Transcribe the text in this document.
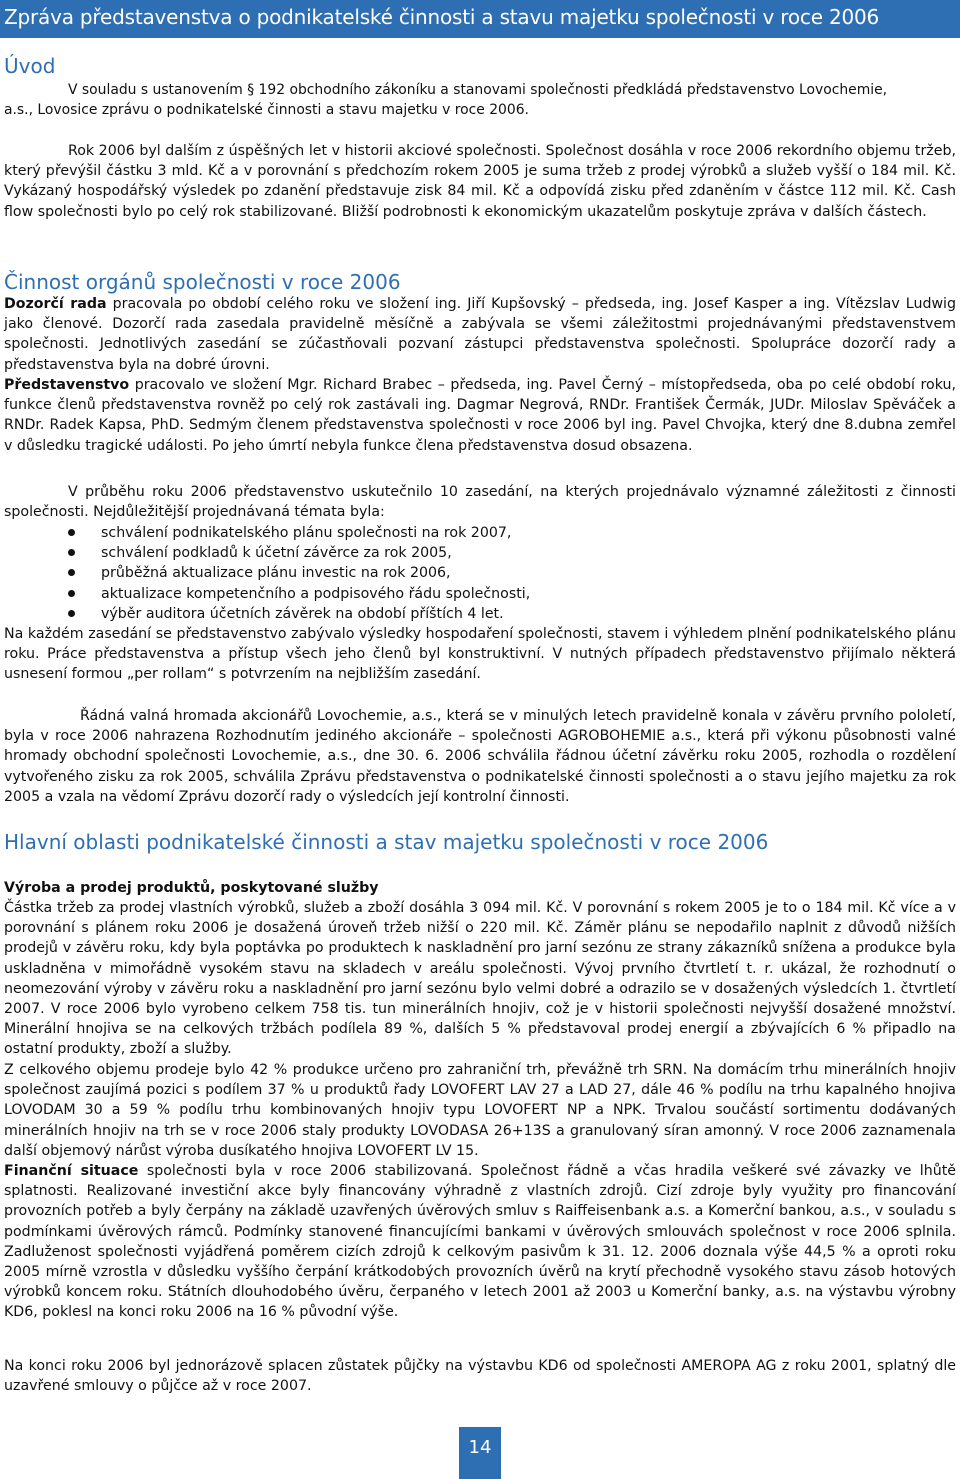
Zpráva představenstva o podnikatelské činnosti a stavu majetku společnosti v roce 2006
Úvod
V souladu s ustanovením § 192 obchodního zákoníku a stanovami společnosti předkládá představenstvo Lovochemie,
a.s., Lovosice zprávu o podnikatelské činnosti a stavu majetku v roce 2006.
Rok 2006 byl dalším z úspěšných let v historii akciové společnosti. Společnost dosáhla v roce 2006 rekordního objemu tržeb, který převýšil částku 3 mld. Kč a v porovnání s předchozím rokem 2005 je suma tržeb z prodej výrobků a služeb vyšší o 184 mil. Kč. Vykázaný hospodářský výsledek po zdanění představuje zisk 84 mil. Kč a odpovídá zisku před zdaněním v částce 112 mil. Kč. Cash flow společnosti bylo po celý rok stabilizované. Bližší podrobnosti k ekonomickým ukazatelům poskytuje zpráva v dalších částech.
Činnost orgánů společnosti v roce 2006
Dozorčí rada pracovala po období celého roku ve složení ing. Jiří Kupšovský – předseda, ing. Josef Kasper a ing. Vítězslav Ludwig jako členové. Dozorčí rada zasedala pravidelně měsíčně a zabývala se všemi záležitostmi projednávanými představenstvem společnosti. Jednotlivých zasedání se zúčastňovali pozvaní zástupci představenstva společnosti. Spolupráce dozorčí rady a představenstva byla na dobré úrovni.
Představenstvo pracovalo ve složení Mgr. Richard Brabec – předseda, ing. Pavel Černý – místopředseda, oba po celé období roku, funkce členů představenstva rovněž po celý rok zastávali ing. Dagmar Negrová, RNDr. František Čermák, JUDr. Miloslav Spěváček a RNDr. Radek Kapsa, PhD. Sedmým členem představenstva společnosti v roce 2006 byl ing. Pavel Chvojka, který dne 8.dubna zemřel v důsledku tragické události. Po jeho úmrtí nebyla funkce člena představenstva dosud obsazena.
V průběhu roku 2006 představenstvo uskutečnilo 10 zasedání, na kterých projednávalo významné záležitosti z činnosti společnosti. Nejdůležitější projednávaná témata byla:
schválení podnikatelského plánu společnosti na rok 2007,
schválení podkladů k účetní závěrce za rok 2005,
průběžná aktualizace plánu investic na rok 2006,
aktualizace kompetenčního a podpisového řádu společnosti,
výběr auditora účetních závěrek na období příštích 4 let.
Na každém zasedání se představenstvo zabývalo výsledky hospodaření společnosti, stavem i výhledem plnění podnikatelského plánu roku. Práce představenstva a přístup všech jeho členů byl konstruktivní. V nutných případech představenstvo přijímalo některá usnesení formou „per rollam“ s potvrzením na nejbližším zasedání.
Řádná valná hromada akcionářů Lovochemie, a.s., která se v minulých letech pravidelně konala v závěru prvního pololetí, byla v roce 2006 nahrazena Rozhodnutím jediného akcionáře – společnosti AGROBOHEMIE a.s., která při výkonu působnosti valné hromady obchodní společnosti Lovochemie, a.s., dne 30. 6. 2006 schválila řádnou účetní závěrku roku 2005, rozhodla o rozdělení vytvořeného zisku za rok 2005, schválila Zprávu představenstva o podnikatelské činnosti společnosti a o stavu jejího majetku za rok 2005 a vzala na vědomí Zprávu dozorčí rady o výsledcích její kontrolní činnosti.
Hlavní oblasti podnikatelské činnosti a stav majetku společnosti v roce 2006
Výroba a prodej produktů, poskytované služby
Částka tržeb za prodej vlastních výrobků, služeb a zboží dosáhla 3 094 mil. Kč. V porovnání s rokem 2005 je to o 184 mil. Kč více a v porovnání s plánem roku 2006 je dosažená úroveň tržeb nižší o 220 mil. Kč. Záměr plánu se nepodařilo naplnit z důvodů nižších prodejů v závěru roku, kdy byla poptávka po produktech k naskladnění pro jarní sezónu ze strany zákazníků snížena a produkce byla uskladněna v mimořádně vysokém stavu na skladech v areálu společnosti. Vývoj prvního čtvrtletí t. r. ukázal, že rozhodnutí o neomezování výroby v závěru roku a naskladnění pro jarní sezónu bylo velmi dobré a odrazilo se v dosažených výsledcích 1. čtvrtletí 2007. V roce 2006 bylo vyrobeno celkem 758 tis. tun minerálních hnojiv, což je v historii společnosti nejvyšší dosažené množství. Minerální hnojiva se na celkových tržbách podílela 89 %, dalších 5 % představoval prodej energií a zbývajících 6 % připadlo na ostatní produkty, zboží a služby.
Z celkového objemu prodeje bylo 42 % produkce určeno pro zahraniční trh, převážně trh SRN. Na domácím trhu minerálních hnojiv společnost zaujímá pozici s podílem 37 % u produktů řady LOVOFERT LAV 27 a LAD 27, dále 46 % podílu na trhu kapalného hnojiva LOVODAM 30 a 59 % podílu trhu kombinovaných hnojiv typu LOVOFERT NP a NPK. Trvalou součástí sortimentu dodávaných minerálních hnojiv na trh se v roce 2006 staly produkty LOVODASA 26+13S a granulovaný síran amonný. V roce 2006 zaznamenala další objemový nárůst výroba dusíkatého hnojiva LOVOFERT LV 15.
Finanční situace společnosti byla v roce 2006 stabilizovaná. Společnost řádně a včas hradila veškeré své závazky ve lhůtě splatnosti. Realizované investiční akce byly financovány výhradně z vlastních zdrojů. Cizí zdroje byly využity pro financování provozních potřeb a byly čerpány na základě uzavřených úvěrových smluv s Raiffeisenbank a.s. a Komerční bankou, a.s., v souladu s podmínkami úvěrových rámců. Podmínky stanovené financujícími bankami v úvěrových smlouvách společnost v roce 2006 splnila. Zadluženost společnosti vyjádřená poměrem cizích zdrojů k celkovým pasivům k 31. 12. 2006 doznala výše 44,5 % a oproti roku 2005 mírně vzrostla v důsledku vyššího čerpání krátkodobých provozních úvěrů na krytí přechodně vysokého stavu zásob hotových výrobků koncem roku. Státních dlouhodobého úvěru, čerpaného v letech 2001 až 2003 u Komerční banky, a.s. na výstavbu výrobny KD6, poklesl na konci roku 2006 na 16 % původní výše.
Na konci roku 2006 byl jednorázově splacen zůstatek půjčky na výstavbu KD6 od společnosti AMEROPA AG z roku 2001, splatný dle uzavřené smlouvy o půjčce až v roce 2007.
14
